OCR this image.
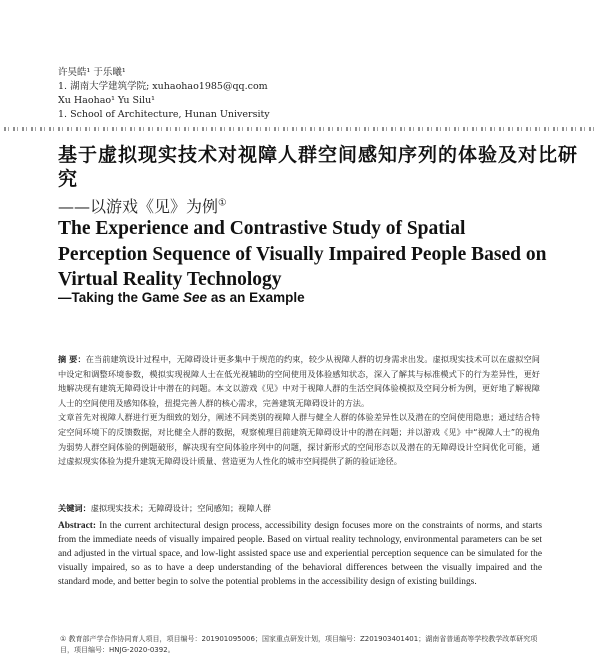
许昊皓¹ 于乐曦¹
1. 湖南大学建筑学院; xuhaohao1985@qq.com
Xu Haohao¹ Yu Silu¹
1. School of Architecture, Hunan University
基于虚拟现实技术对视障人群空间感知序列的体验及对比研究
——以游戏《见》为例①
The Experience and Contrastive Study of Spatial Perception Sequence of Visually Impaired People Based on Virtual Reality Technology
—Taking the Game See as an Example

摘 要：在当前建筑设计过程中，无障碍设计更多集中于规范的约束，较少从视障人群的切身需求出发。虚拟现实技术可以在虚拟空间中设定和调整环境参数，模拟实现视障人士在低光视辅助的空间使用及体验感知状态，深入了解其与标准模式下的行为差异性，更好地解决现有建筑无障碍设计中潜在的问题。本文以游戏《见》中对于视障人群的生活空间体验模拟及空间分析为例，更好地了解视障人士的空间使用及感知体验，扭提完善人群的核心需求，完善建筑无障碍设计的方法。

文章首先对视障人群进行更为细致的划分，阐述不同类别的视障人群与健全人群的体验差异性以及潜在的空间使用隐患；通过结合特定空间环境下的反馈数据，对比健全人群的数据，观察梳理目前建筑无障碍设计中的潜在问题；并以游戏《见》中“视障人士”的视角为弱势人群空间体验的例题破形，解决现有空间体验序列中的问题，探讨新形式的空间形态以及潜在的无障碍设计空间优化可能，通过虚拟现实体验为提升建筑无障碍设计质量、营造更为人性化的城市空间提供了新的验证途径。

关键词：虚拟现实技术；无障碍设计；空间感知；视障人群
Abstract: In the current architectural design process, accessibility design focuses more on the constraints of norms, and starts from the immediate needs of visually impaired people. Based on virtual reality technology, environmental parameters can be set and adjusted in the virtual space, and low-light assisted space use and experiential perception sequence can be simulated for the visually impaired, so as to have a deep understanding of the behavioral differences between the visually impaired and the standard mode, and better begin to solve the potential problems in the accessibility design of existing buildings.
① 教育部产学合作协同育人项目，项目编号：201901095006；国家重点研发计划，项目编号：Z201903401401；湖南省普通高等学校教学改革研究项目，项目编号：HNJG-2020-0392。
